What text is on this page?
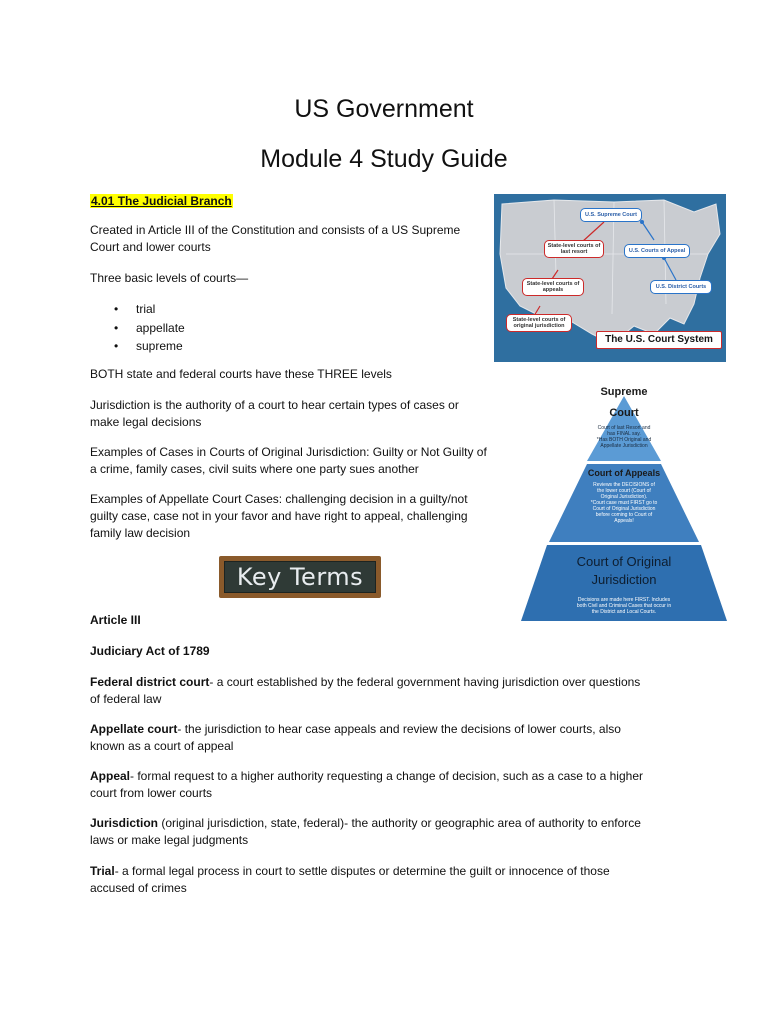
US Government
Module 4 Study Guide
4.01 The Judicial Branch
Created in Article III of the Constitution and consists of a US Supreme
Court and lower courts
Three basic levels of courts—
• trial
• appellate
• supreme
BOTH state and federal courts have these THREE levels
Jurisdiction is the authority of a court to hear certain types of cases or
make legal decisions
Examples of Cases in Courts of Original Jurisdiction: Guilty or Not Guilty of
a crime, family cases, civil suits where one party sues another
Examples of Appellate Court Cases: challenging decision in a guilty/not
guilty case, case not in your favor and have right to appeal, challenging
family law decision
Key Terms
Article III
Judiciary Act of 1789
Federal district court- a court established by the federal government having jurisdiction over questions
of federal law
Appellate court- the jurisdiction to hear case appeals and review the decisions of lower courts, also
known as a court of appeal
Appeal- formal request to a higher authority requesting a change of decision, such as a case to a higher
court from lower courts
Jurisdiction (original jurisdiction, state, federal)- the authority or geographic area of authority to enforce
laws or make legal judgments
Trial- a formal legal process in court to settle disputes or determine the guilt or innocence of those
accused of crimes
U.S. Supreme Court
State-level courts of last resort	U.S. Courts of Appeal
State-level courts of appeals	U.S. District Courts
State-level courts of original jurisdiction
The U.S. Court System
Supreme
Court
Court of last Resort and
has FINAL say.
*Has BOTH Original and
Appellate Jurisdiction
Court of Appeals
Reviews the DECISIONS of
the lower court (Court of
Original Jurisdiction).
*Court case must FIRST go to
Court of Original Jurisdiction
before coming to Court of
Appeals!
Court of Original
Jurisdiction
Decisions are made here FIRST. Includes
both Civil and Criminal Cases that occur in
the District and Local Courts.
